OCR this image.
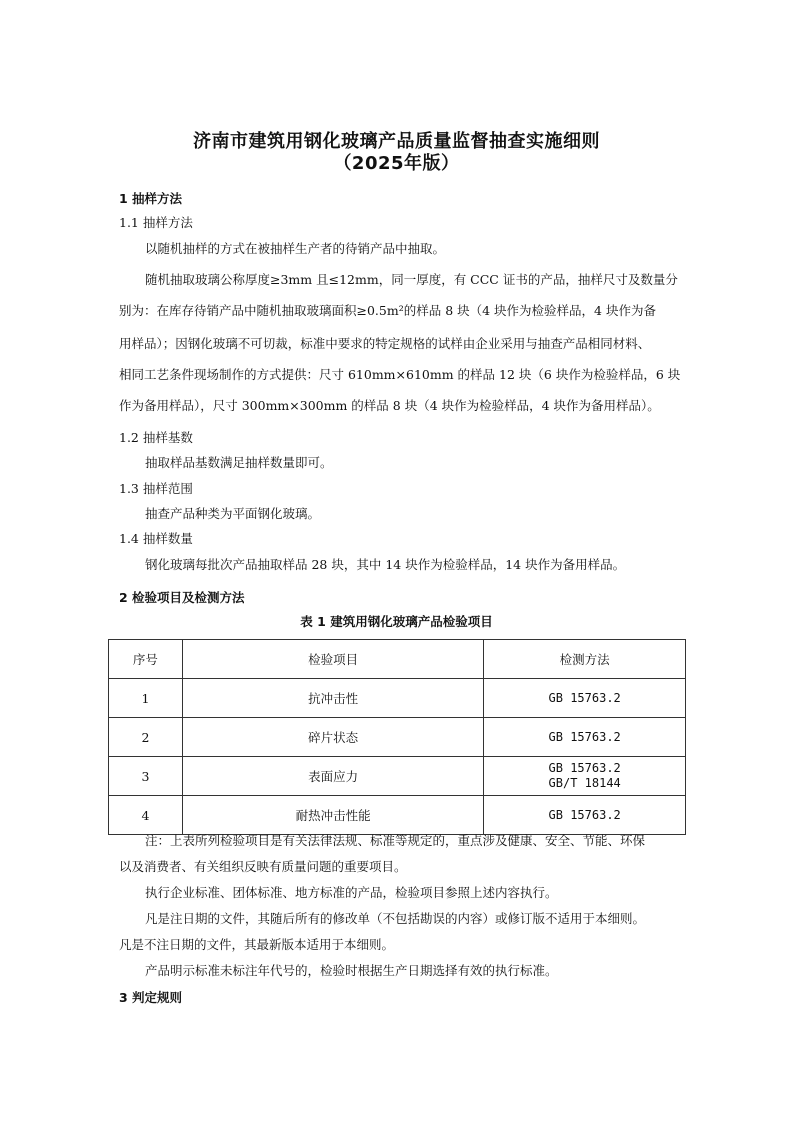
济南市建筑用钢化玻璃产品质量监督抽查实施细则
（2025年版）
1 抽样方法
1.1 抽样方法
以随机抽样的方式在被抽样生产者的待销产品中抽取。
随机抽取玻璃公称厚度≥3mm 且≤12mm，同一厚度，有 CCC 证书的产品，抽样尺寸及数量分
别为：在库存待销产品中随机抽取玻璃面积≥0.5m²的样品 8 块（4 块作为检验样品，4 块作为备
用样品）；因钢化玻璃不可切裁，标准中要求的特定规格的试样由企业采用与抽查产品相同材料、
相同工艺条件现场制作的方式提供：尺寸 610mm×610mm 的样品 12 块（6 块作为检验样品，6 块
作为备用样品），尺寸 300mm×300mm 的样品 8 块（4 块作为检验样品，4 块作为备用样品）。
1.2 抽样基数
抽取样品基数满足抽样数量即可。
1.3 抽样范围
抽查产品种类为平面钢化玻璃。
1.4 抽样数量
钢化玻璃每批次产品抽取样品 28 块，其中 14 块作为检验样品，14 块作为备用样品。
2 检验项目及检测方法
表 1 建筑用钢化玻璃产品检验项目
序号	检验项目	检测方法
1	抗冲击性	GB 15763.2
2	碎片状态	GB 15763.2
3	表面应力	GB 15763.2
GB/T 18144

4	耐热冲击性能	GB 15763.2
注：上表所列检验项目是有关法律法规、标准等规定的，重点涉及健康、安全、节能、环保
以及消费者、有关组织反映有质量问题的重要项目。
执行企业标准、团体标准、地方标准的产品，检验项目参照上述内容执行。
凡是注日期的文件，其随后所有的修改单（不包括勘误的内容）或修订版不适用于本细则。
凡是不注日期的文件，其最新版本适用于本细则。
产品明示标准未标注年代号的，检验时根据生产日期选择有效的执行标准。
3 判定规则
